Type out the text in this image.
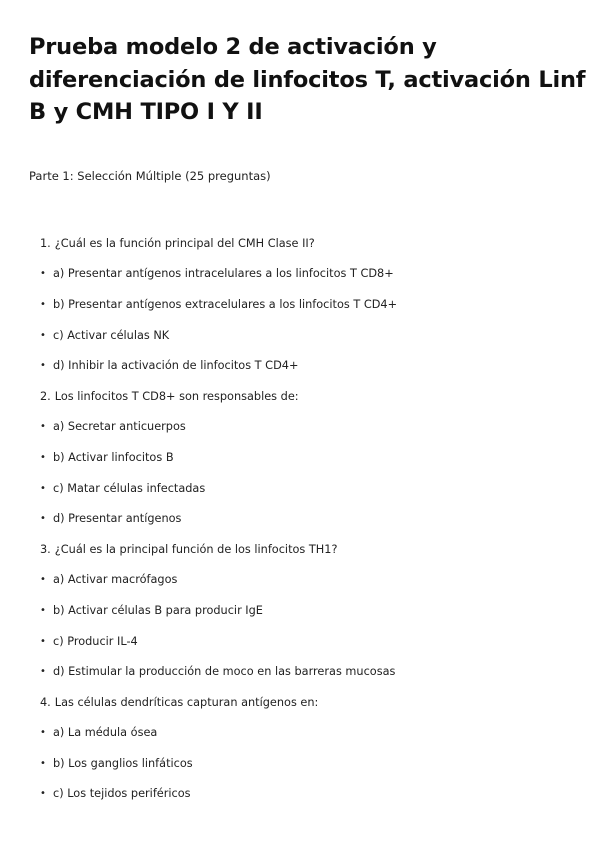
Prueba modelo 2 de activación y diferenciación de linfocitos T, activación Linf B y CMH TIPO I Y II

Parte 1: Selección Múltiple (25 preguntas)

1. ¿Cuál es la función principal del CMH Clase II?
• a) Presentar antígenos intracelulares a los linfocitos T CD8+
• b) Presentar antígenos extracelulares a los linfocitos T CD4+
• c) Activar células NK
• d) Inhibir la activación de linfocitos T CD4+
2. Los linfocitos T CD8+ son responsables de:
• a) Secretar anticuerpos
• b) Activar linfocitos B
• c) Matar células infectadas
• d) Presentar antígenos
3. ¿Cuál es la principal función de los linfocitos TH1?
• a) Activar macrófagos
• b) Activar células B para producir IgE
• c) Producir IL-4
• d) Estimular la producción de moco en las barreras mucosas
4. Las células dendríticas capturan antígenos en:
• a) La médula ósea
• b) Los ganglios linfáticos
• c) Los tejidos periféricos
